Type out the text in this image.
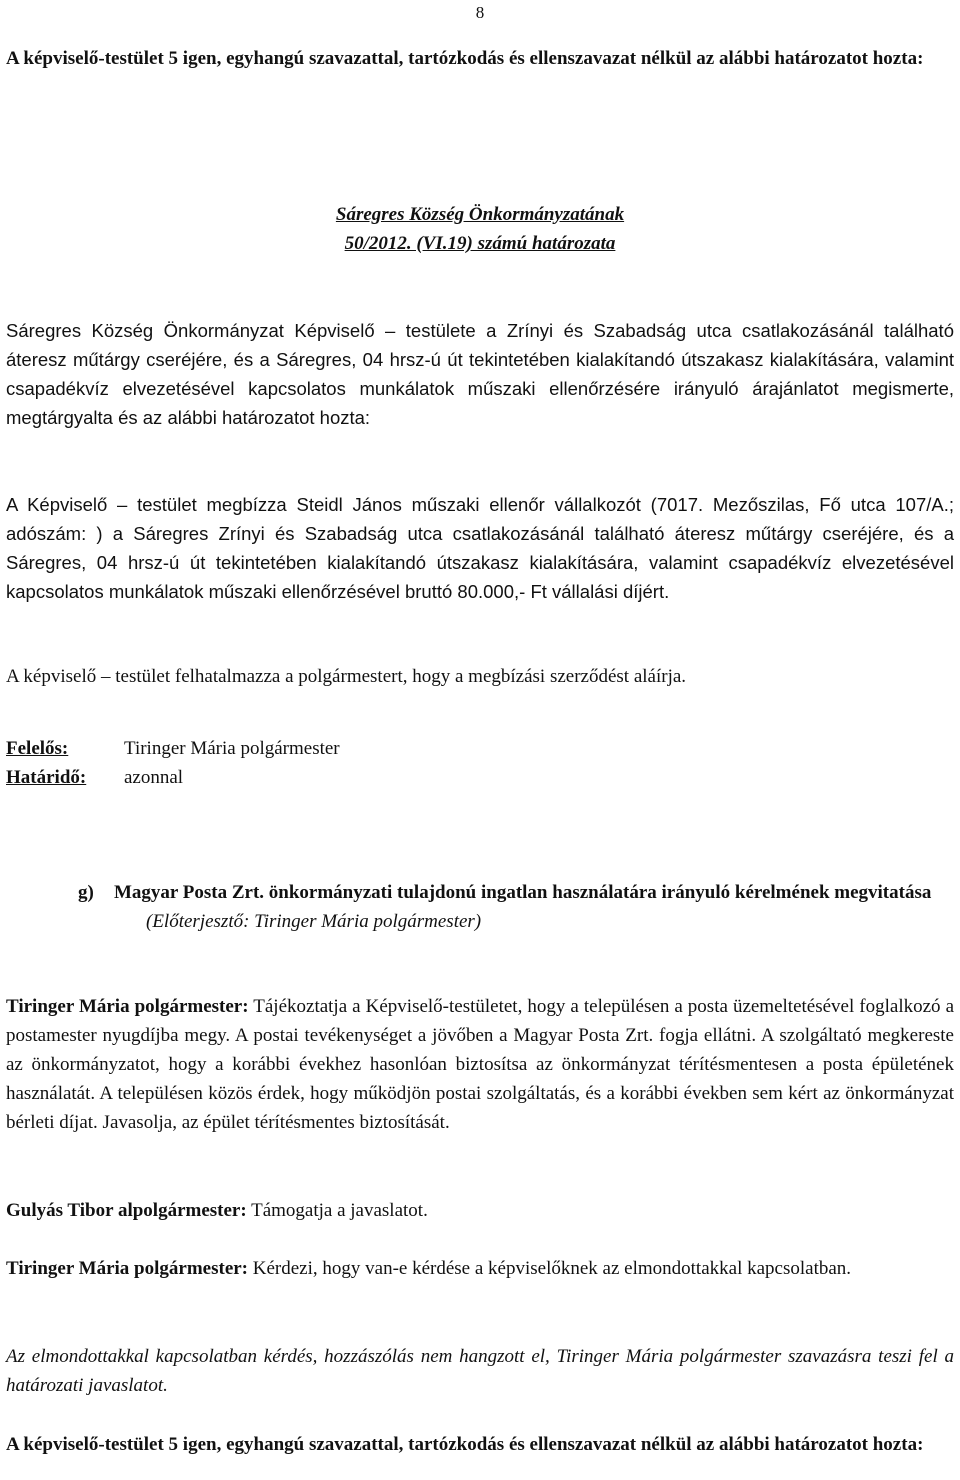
8
A képviselő-testület 5 igen, egyhangú szavazattal, tartózkodás és ellenszavazat nélkül az alábbi határozatot hozta:
Sáregres Község Önkormányzatának
50/2012. (VI.19) számú határozata
Sáregres Község Önkormányzat Képviselő – testülete a Zrínyi és Szabadság utca csatlakozásánál található áteresz műtárgy cseréjére, és a Sáregres, 04 hrsz-ú út tekintetében kialakítandó útszakasz kialakítására, valamint csapadékvíz elvezetésével kapcsolatos munkálatok műszaki ellenőrzésére irányuló árajánlatot megismerte, megtárgyalta és az alábbi határozatot hozta:
A Képviselő – testület megbízza Steidl János műszaki ellenőr vállalkozót (7017. Mezőszilas, Fő utca 107/A.; adószám: ) a Sáregres Zrínyi és Szabadság utca csatlakozásánál található áteresz műtárgy cseréjére, és a Sáregres, 04 hrsz-ú út tekintetében kialakítandó útszakasz kialakítására, valamint csapadékvíz elvezetésével kapcsolatos munkálatok műszaki ellenőrzésével bruttó 80.000,- Ft vállalási díjért.
A képviselő – testület felhatalmazza a polgármestert, hogy a megbízási szerződést aláírja.
Felelős:	Tiringer Mária polgármester
Határidő:	azonnal
g)	Magyar Posta Zrt. önkormányzati tulajdonú ingatlan használatára irányuló kérelmének megvitatása
(Előterjesztő: Tiringer Mária polgármester)
Tiringer Mária polgármester: Tájékoztatja a Képviselő-testületet, hogy a településen a posta üzemeltetésével foglalkozó a postamester nyugdíjba megy. A postai tevékenységet a jövőben a Magyar Posta Zrt. fogja ellátni. A szolgáltató megkereste az önkormányzatot, hogy a korábbi évekhez hasonlóan biztosítsa az önkormányzat térítésmentesen a posta épületének használatát. A településen közös érdek, hogy működjön postai szolgáltatás, és a korábbi években sem kért az önkormányzat bérleti díjat. Javasolja, az épület térítésmentes biztosítását.
Gulyás Tibor alpolgármester: Támogatja a javaslatot.
Tiringer Mária polgármester: Kérdezi, hogy van-e kérdése a képviselőknek az elmondottakkal kapcsolatban.
Az elmondottakkal kapcsolatban kérdés, hozzászólás nem hangzott el, Tiringer Mária polgármester szavazásra teszi fel a határozati javaslatot.
A képviselő-testület 5 igen, egyhangú szavazattal, tartózkodás és ellenszavazat nélkül az alábbi határozatot hozta:
